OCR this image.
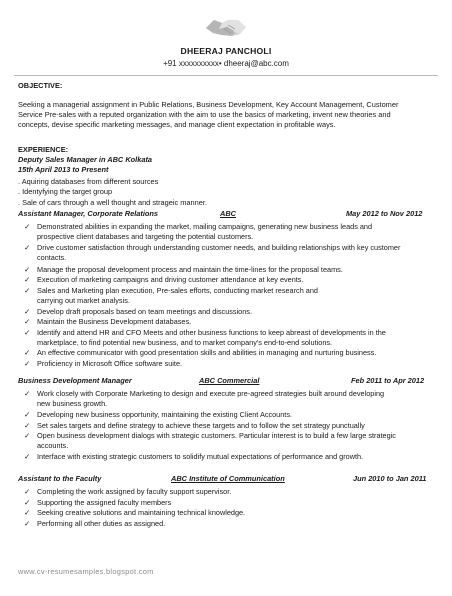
DHEERAJ PANCHOLI
+91 xxxxxxxxxx• dheeraj@abc.com
OBJECTIVE:
Seeking a managerial assignment in Public Relations, Business Development, Key Account Management, Customer
Service Pre-sales with a reputed organization with the aim to use the basics of marketing, invent new theories and
concepts, devise specific marketing messages, and manage client expectation in profitable ways.
EXPERIENCE:
Deputy Sales Manager in ABC Kolkata
15th April 2013 to Present
. Aquiring databases from different sources
. Identyfying the target group
. Sale of cars through a well thought and strageic manner.
Assistant Manager, Corporate Relations	ABC	May 2012 to Nov 2012
✓ Demonstrated abilities in expanding the market, mailing campaigns, generating new business leads and
prospective client databases and targeting the potential customers.
✓ Drive customer satisfaction through understanding customer needs, and building relationships with key customer
contacts.
✓ Manage the proposal development process and maintain the time-lines for the proposal teams.
✓ Execution of marketing campaigns and driving customer attendance at key events.
✓ Sales and Marketing plan execution, Pre-sales efforts, conducting market research and
carrying out market analysis.
✓ Develop draft proposals based on team meetings and discussions.
✓ Maintain the Business Development databases.
✓ Identify and attend HR and CFO Meets and other business functions to keep abreast of developments in the
marketplace, to find potential new business, and to market company's end-to-end solutions.
✓ An effective communicator with good presentation skills and abilities in managing and nurturing business.
✓ Proficiency in Microsoft Office software suite.
Business Development Manager	ABC Commercial	Feb 2011 to Apr 2012
✓ Work closely with Corporate Marketing to design and execute pre-agreed strategies built around developing
new business growth.
✓ Developing new business opportunity, maintaining the existing Client Accounts.
✓ Set sales targets and define strategy to achieve these targets and to follow the set strategy punctually
✓ Open business development dialogs with strategic customers. Particular interest is to build a few large strategic
accounts.
✓ Interface with existing strategic customers to solidify mutual expectations of performance and growth.
Assistant to the Faculty	ABC Institute of Communication	Jun 2010 to Jan 2011
✓ Completing the work assigned by faculty support supervisor.
✓ Supporting the assigned faculty members
✓ Seeking creative solutions and maintaining technical knowledge.
✓ Performing all other duties as assigned.
www.cv-resumesamples.blogspot.com
